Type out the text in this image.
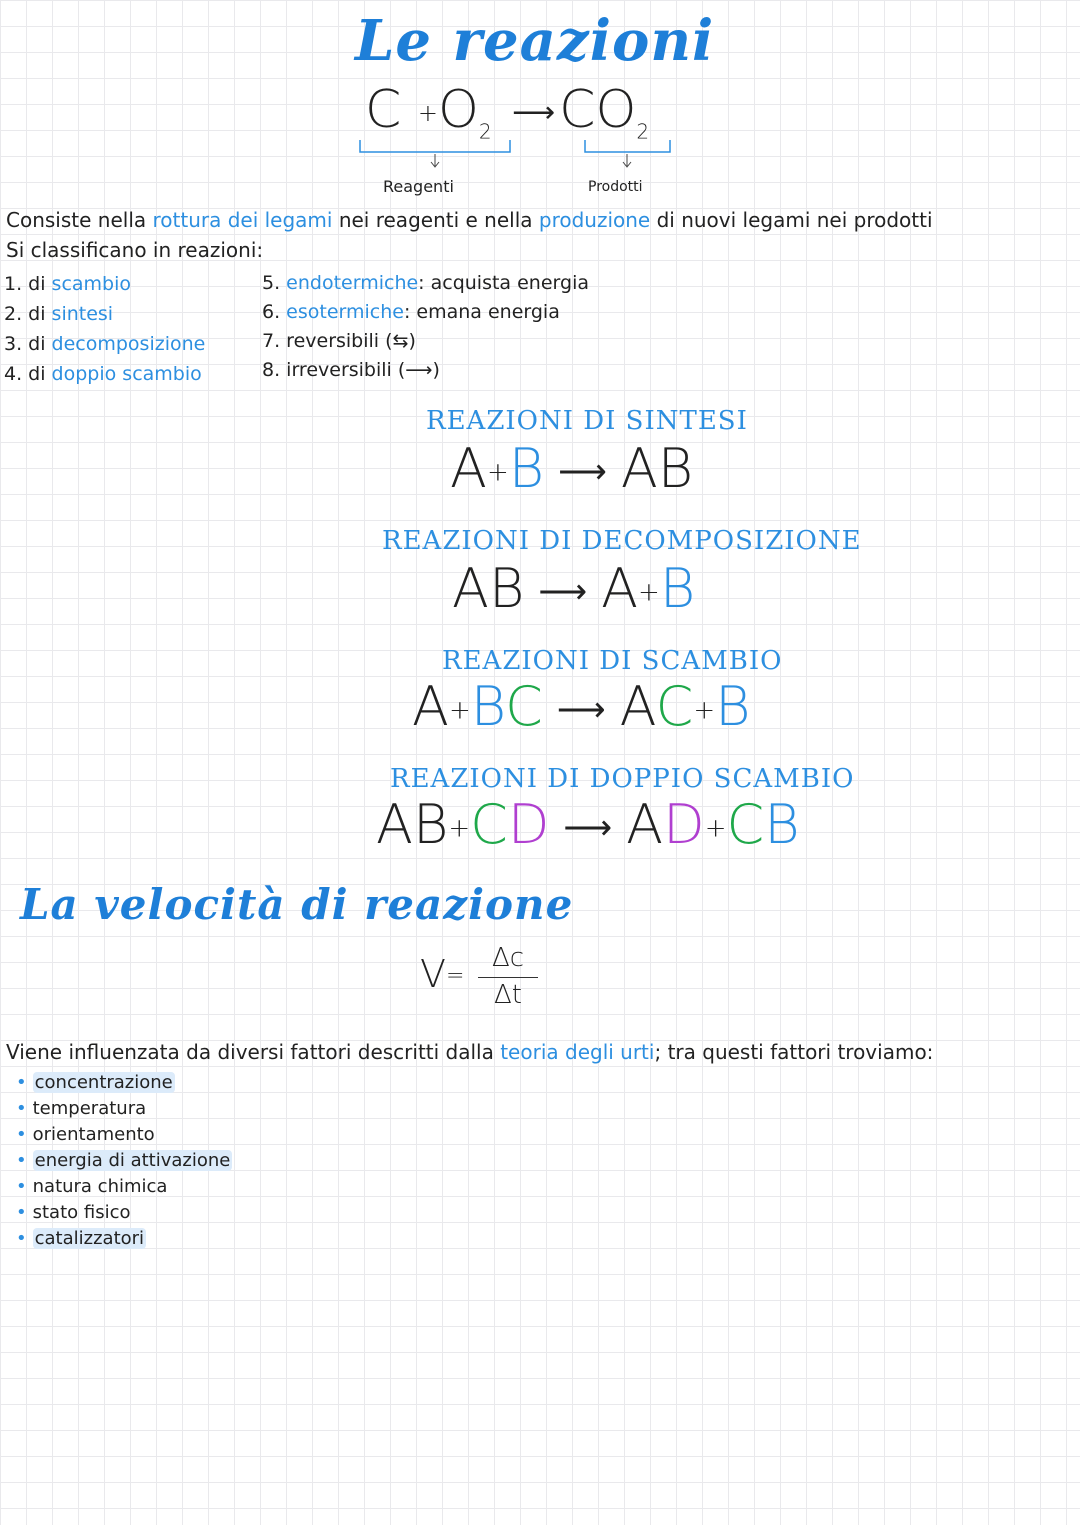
Le reazioni
$C +O_2$ $⟶CO_2$
Reagenti	Prodotti
Consiste nella rottura dei legami nei reagenti e nella produzione di nuovi legami nei prodotti
Si classificano in reazioni:
1. di scambio
2. di sintesi
3. di decomposizione
4. di doppio scambio
5. endotermiche: acquista energia
6. esotermiche: emana energia
7. reversibili (⇆)
8. irreversibili (⟶)
REAZIONI DI SINTESI
A+B ⟶ AB
REAZIONI DI DECOMPOSIZIONE
AB ⟶ A+B
REAZIONI DI SCAMBIO
A+BC ⟶ AC+B
REAZIONI DI DOPPIO SCAMBIO
AB+CD ⟶ AD+CB
La velocità di reazione
$V= \frac{\Delta c}{\Delta t}$
Viene influenzata da diversi fattori descritti dalla teoria degli urti; tra questi fattori troviamo:
• concentrazione
• temperatura
• orientamento
• energia di attivazione
• natura chimica
• stato fisico
• catalizzatori
